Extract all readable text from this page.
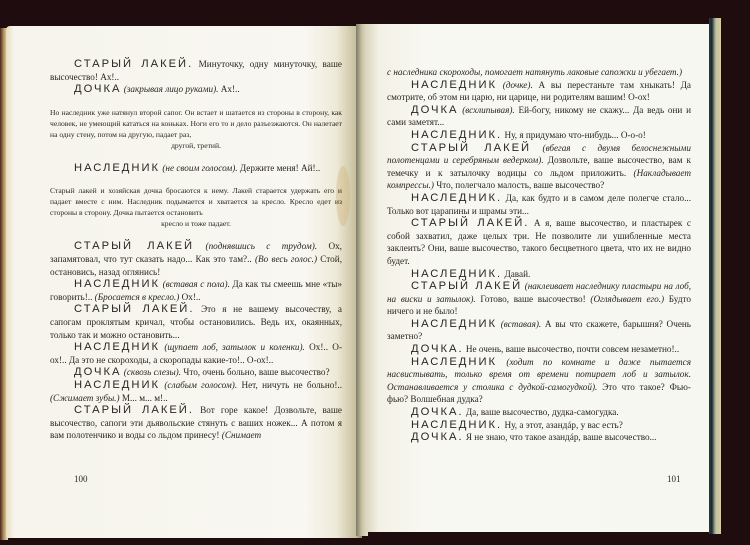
СТАРЫЙ ЛАКЕЙ. Минуточку, одну минуточку, ваше высочество! Ах!..

ДОЧКА (закрывая лицо руками). Ах!..

Но наследник уже натянул второй сапог. Он встает и шатается из стороны в сторону, как человек, не умеющий кататься на коньках. Ноги его то и дело разъезжаются. Он налетает на одну стену, потом на другую, падает раз,
другой, третий.

НАСЛЕДНИК (не своим голосом). Держите меня! Ай!..

Старый лакей и хозяйская дочка бросаются к нему. Лакей старается удержать его и падает вместе с ним. Наследник подымается и хватается за кресло. Кресло едет из стороны в сторону. Дочка пытается остановить
кресло и тоже падает.

СТАРЫЙ ЛАКЕЙ (поднявшись с трудом). Ох, запамятовал, что тут сказать надо... Как это там?.. (Во весь голос.) Стой, остановись, назад оглянись!

НАСЛЕДНИК (вставая с пола). Да как ты смеешь мне «ты» говорить!.. (Бросается в кресло.) Ох!..

СТАРЫЙ ЛАКЕЙ. Это я не вашему высочеству, а сапогам проклятым кричал, чтобы остановились. Ведь их, окаянных, только так и можно остановить...

НАСЛЕДНИК (щупает лоб, затылок и коленки). Ох!.. О-ох!.. Да это не скороходы, а скоропады какие-то!.. О-ох!..

ДОЧКА (сквозь слезы). Что, очень больно, ваше высочество?

НАСЛЕДНИК (слабым голосом). Нет, ничуть не больно!.. (Сжимает зубы.) М... м... м!..

СТАРЫЙ ЛАКЕЙ. Вот горе какое! Дозвольте, ваше высочество, сапоги эти дьявольские стянуть с ваших ножек... А потом я вам полотенчико и воды со льдом принесу! (Снимает

100

с наследника скороходы, помогает натянуть лаковые сапожки и убегает.)

НАСЛЕДНИК (дочке). А вы перестаньте там хныкать! Да смотрите, об этом ни царю, ни царице, ни родителям вашим! О-ох!

ДОЧКА (всхлипывая). Ей-богу, никому не скажу... Да ведь они и сами заметят...

НАСЛЕДНИК. Ну, я придумаю что-нибудь... О-о-о!

СТАРЫЙ ЛАКЕЙ (вбегая с двумя белоснежными полотенцами и серебряным ведерком). Дозвольте, ваше высочество, вам к темечку и к затылочку водицы со льдом приложить. (Накладывает компрессы.) Что, полегчало малость, ваше высочество?

НАСЛЕДНИК. Да, как будто и в самом деле полегче стало... Только вот царапины и шрамы эти...

СТАРЫЙ ЛАКЕЙ. А я, ваше высочество, и пластырек с собой захватил, даже целых три. Не позволите ли ушибленные места заклеить? Они, ваше высочество, такого бесцветного цвета, что их не видно будет.

НАСЛЕДНИК. Давай.

СТАРЫЙ ЛАКЕЙ (наклеивает наследнику пластыри на лоб, на виски и затылок). Готово, ваше высочество! (Оглядывает его.) Будто ничего и не было!

НАСЛЕДНИК (вставая). А вы что скажете, барышня? Очень заметно?

ДОЧКА. Не очень, ваше высочество, почти совсем незаметно!..

НАСЛЕДНИК (ходит по комнате и даже пытается насвистывать, только время от времени потирает лоб и затылок. Останавливается у столика с дудкой-самогудкой). Это что такое? Фью-фью? Волшебная дудка?

ДОЧКА. Да, ваше высочество, дудка-самогудка.

НАСЛЕДНИК. Ну, а этот, азандáр, у вас есть?

ДОЧКА. Я не знаю, что такое азандáр, ваше высочество...

101
